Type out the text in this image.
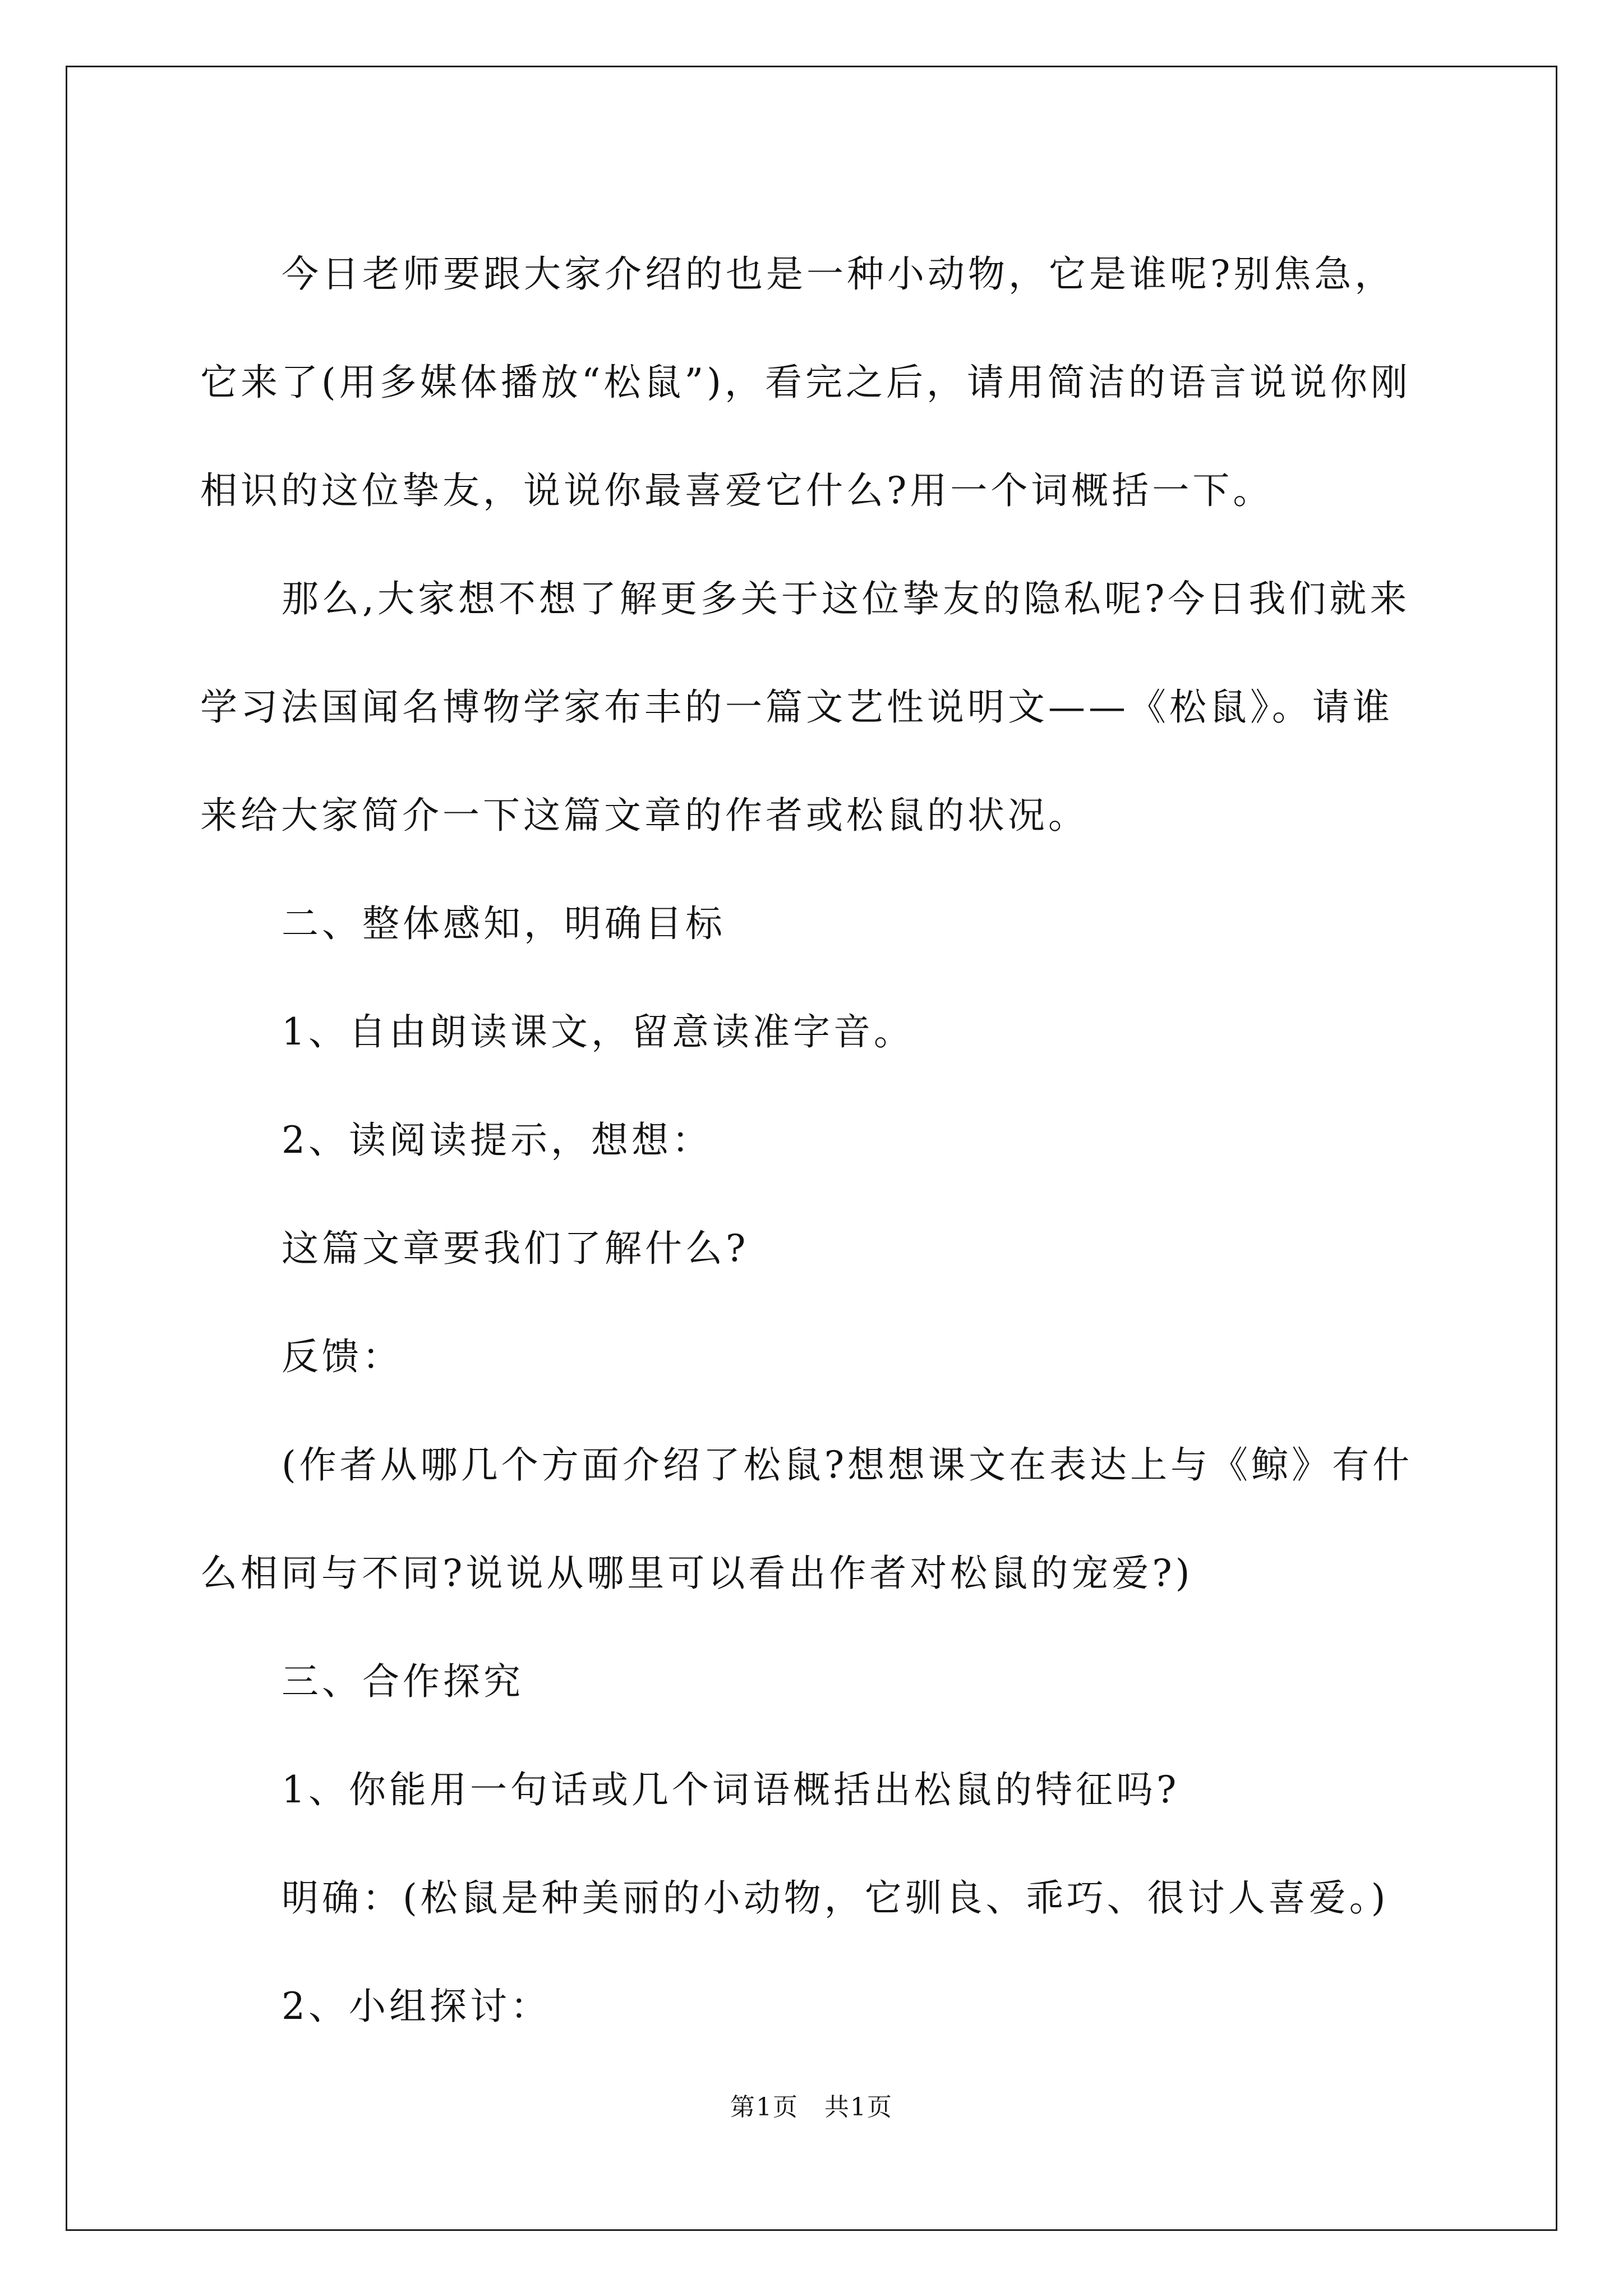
今日老师要跟大家介绍的也是一种小动物，它是谁呢?别焦急，它来了(用多媒体播放“松鼠”)，看完之后，请用简洁的语言说说你刚相识的这位挚友，说说你最喜爱它什么?用一个词概括一下。

那么,大家想不想了解更多关于这位挚友的隐私呢?今日我们就来学习法国闻名博物学家布丰的一篇文艺性说明文——《松鼠》。请谁来给大家简介一下这篇文章的作者或松鼠的状况。

二、整体感知，明确目标

1、自由朗读课文，留意读准字音。

2、读阅读提示，想想：

这篇文章要我们了解什么?

反馈：

(作者从哪几个方面介绍了松鼠?想想课文在表达上与《鲸》有什么相同与不同?说说从哪里可以看出作者对松鼠的宠爱?)

三、合作探究

1、你能用一句话或几个词语概括出松鼠的特征吗?

明确：(松鼠是种美丽的小动物，它驯良、乖巧、很讨人喜爱。)

2、小组探讨：

第1页　共1页
